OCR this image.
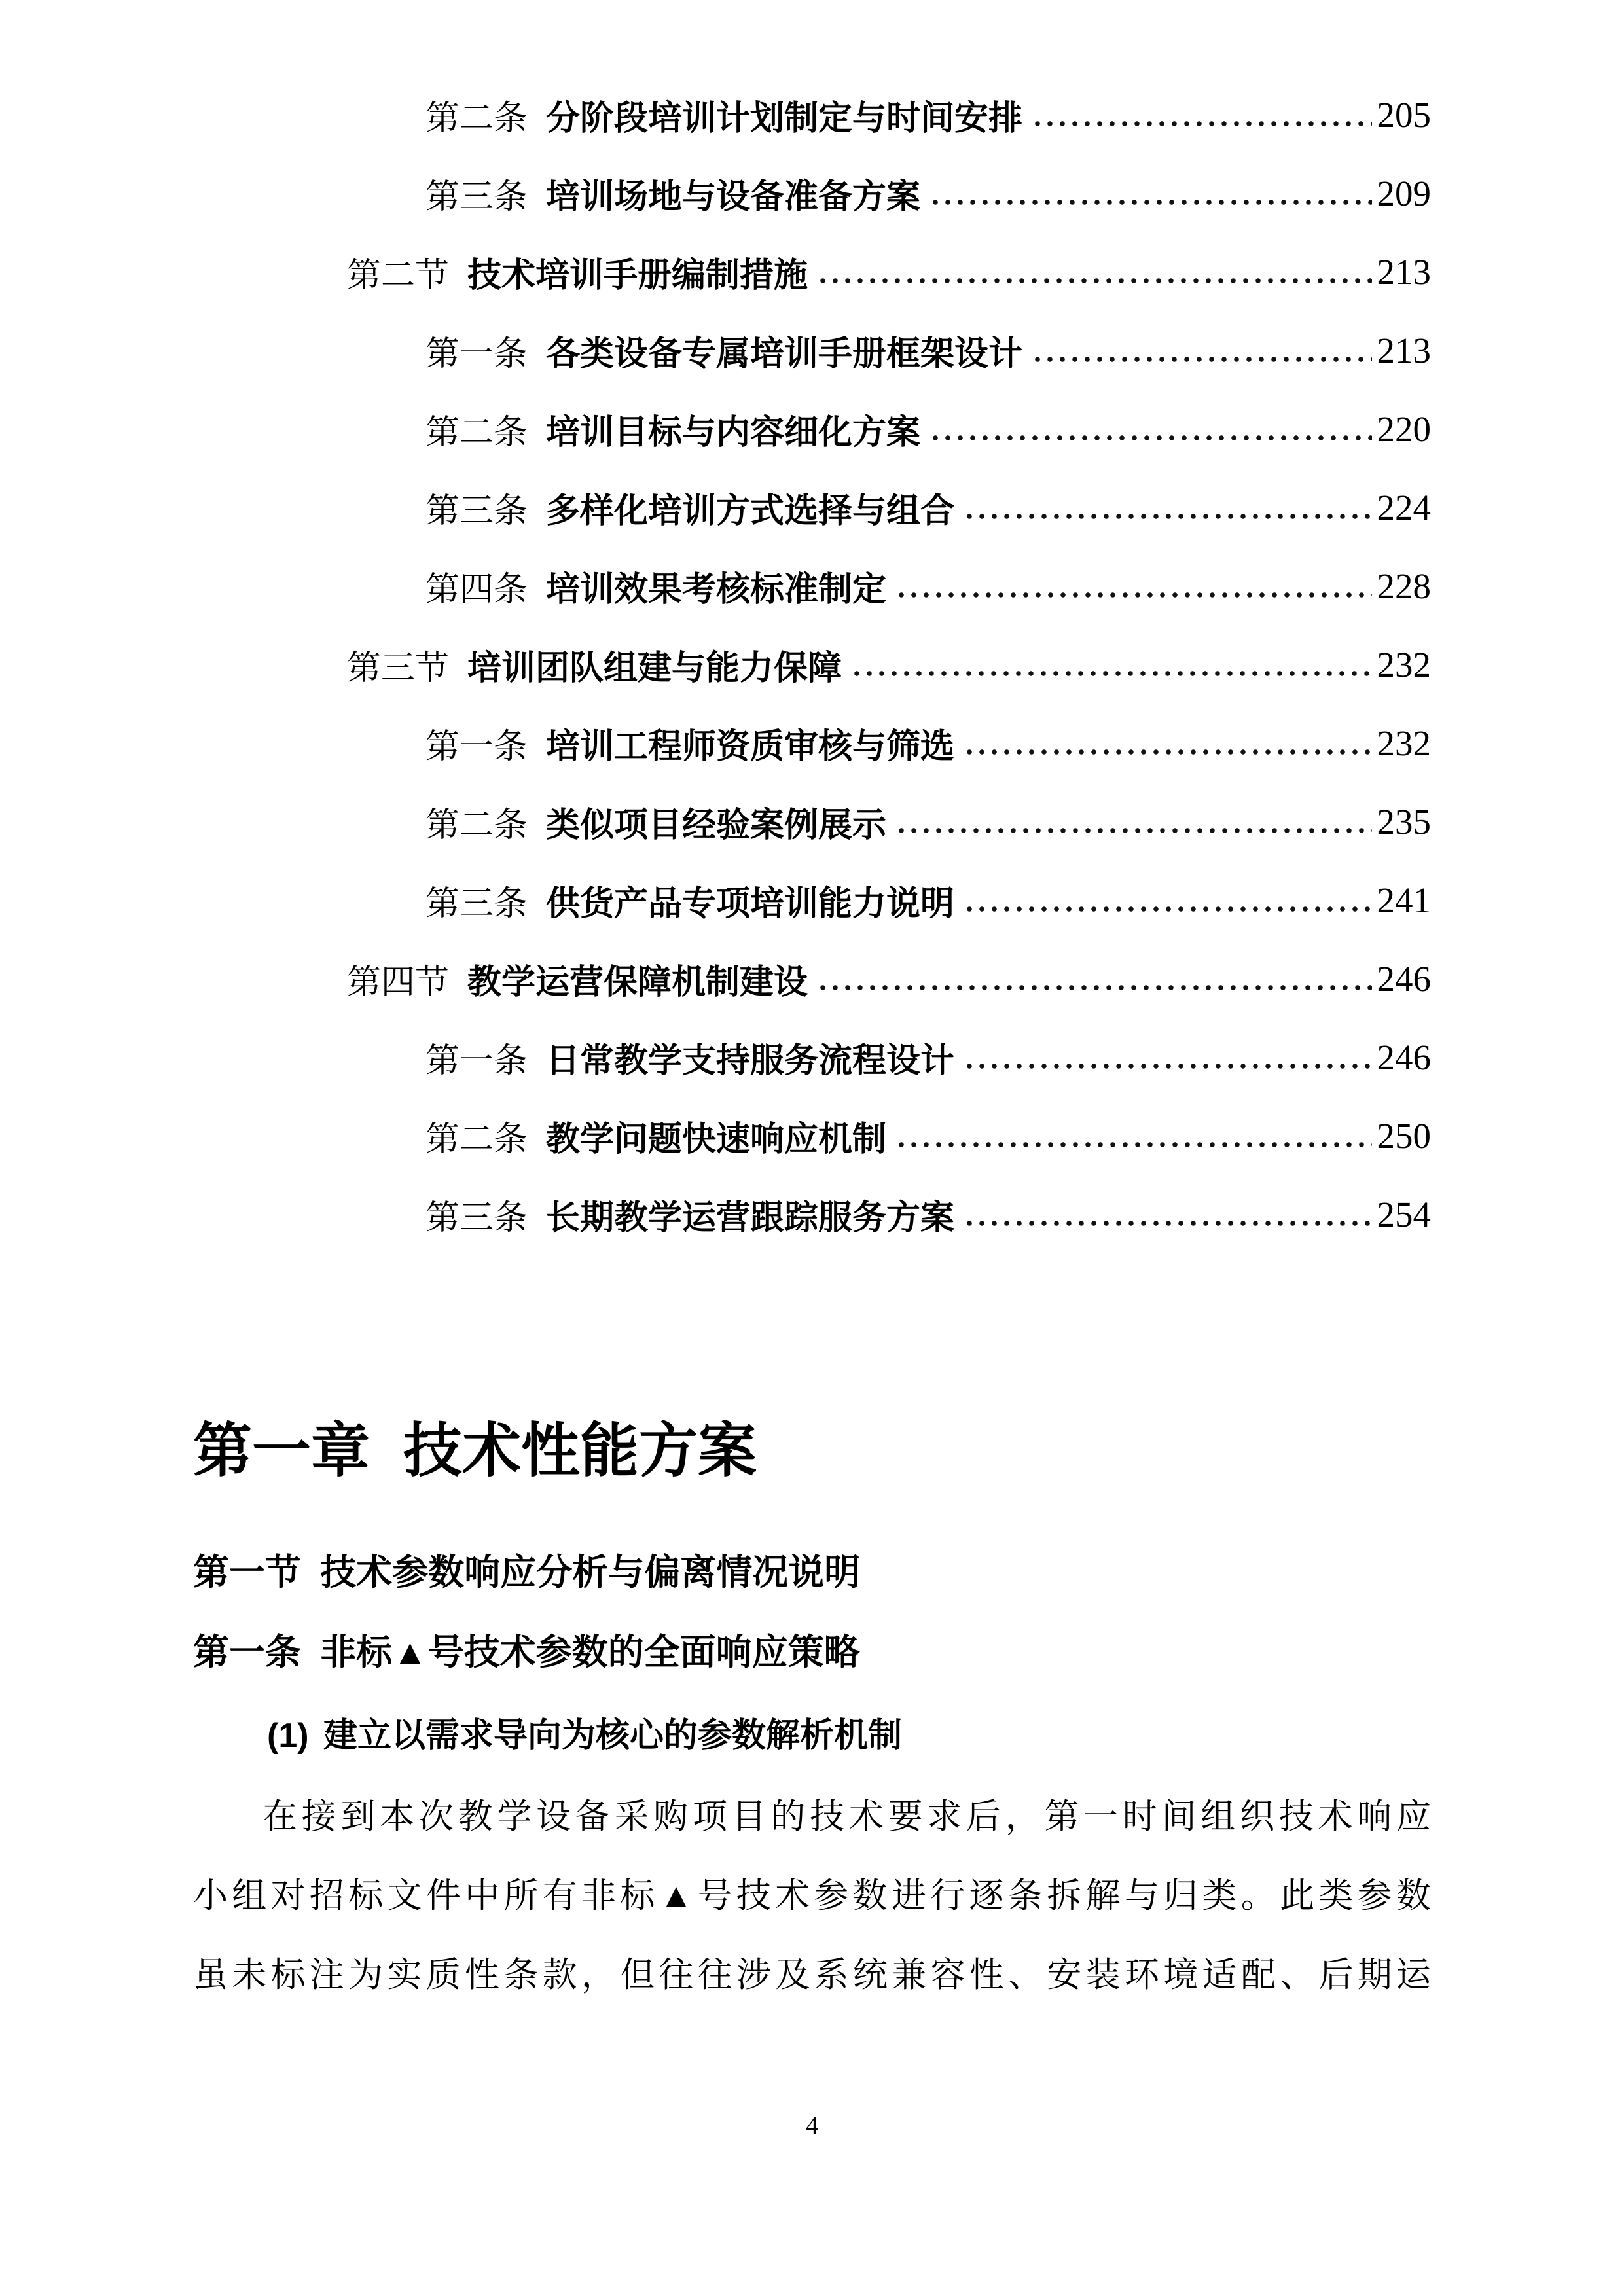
第二条 分阶段培训计划制定与时间安排	205
第三条 培训场地与设备准备方案	209
第二节 技术培训手册编制措施	213
第一条 各类设备专属培训手册框架设计	213
第二条 培训目标与内容细化方案	220
第三条 多样化培训方式选择与组合	224
第四条 培训效果考核标准制定	228
第三节 培训团队组建与能力保障	232
第一条 培训工程师资质审核与筛选	232
第二条 类似项目经验案例展示	235
第三条 供货产品专项培训能力说明	241
第四节 教学运营保障机制建设	246
第一条 日常教学支持服务流程设计	246
第二条 教学问题快速响应机制	250
第三条 长期教学运营跟踪服务方案	254
第一章 技术性能方案
第一节 技术参数响应分析与偏离情况说明
第一条 非标▲号技术参数的全面响应策略
(1) 建立以需求导向为核心的参数解析机制
在接到本次教学设备采购项目的技术要求后，第一时间组织技术响应
小组对招标文件中所有非标▲号技术参数进行逐条拆解与归类。此类参数
虽未标注为实质性条款，但往往涉及系统兼容性、安装环境适配、后期运
4
